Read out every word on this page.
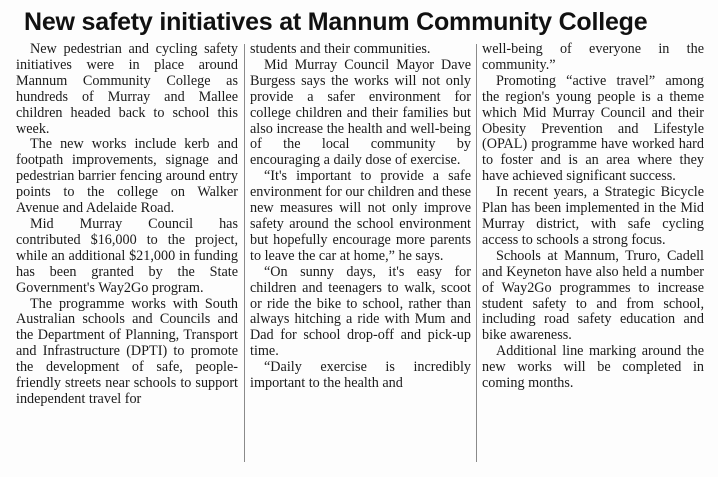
New safety initiatives at Mannum Community College

New pedestrian and cycling safety initiatives were in place around Mannum Community College as hundreds of Murray and Mallee children headed back to school this week.

The new works include kerb and footpath improvements, signage and pedestrian barrier fencing around entry points to the college on Walker Avenue and Adelaide Road.

Mid Murray Council has contributed $16,000 to the project, while an additional $21,000 in funding has been granted by the State Government's Way2Go program.

The programme works with South Australian schools and Councils and the Department of Planning, Transport and Infrastructure (DPTI) to promote the development of safe, people-friendly streets near schools to support independent travel for

students and their communities.

Mid Murray Council Mayor Dave Burgess says the works will not only provide a safer environment for college children and their families but also increase the health and well-being of the local community by encouraging a daily dose of exercise.

“It's important to provide a safe environment for our children and these new measures will not only improve safety around the school environment but hopefully encourage more parents to leave the car at home,” he says.

“On sunny days, it's easy for children and teenagers to walk, scoot or ride the bike to school, rather than always hitching a ride with Mum and Dad for school drop-off and pick-up time.

“Daily exercise is incredibly important to the health and

well-being of everyone in the community.”

Promoting “active travel” among the region's young people is a theme which Mid Murray Council and their Obesity Prevention and Lifestyle (OPAL) programme have worked hard to foster and is an area where they have achieved significant success.

In recent years, a Strategic Bicycle Plan has been implemented in the Mid Murray district, with safe cycling access to schools a strong focus.

Schools at Mannum, Truro, Cadell and Keyneton have also held a number of Way2Go programmes to increase student safety to and from school, including road safety education and bike awareness.

Additional line marking around the new works will be completed in coming months.
